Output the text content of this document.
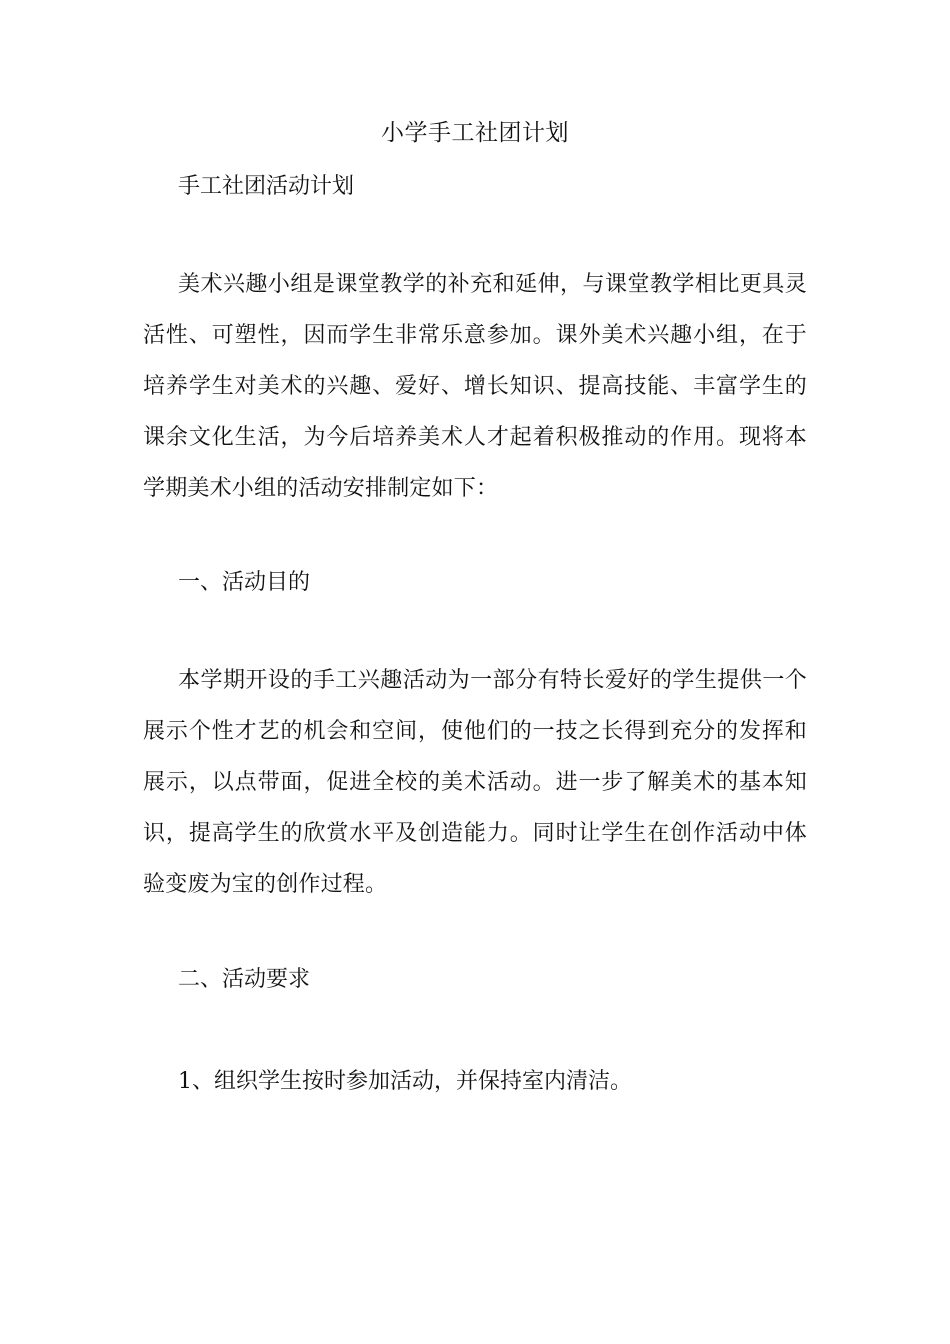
小学手工社团计划
手工社团活动计划
美术兴趣小组是课堂教学的补充和延伸，与课堂教学相比更具灵活性、可塑性，因而学生非常乐意参加。课外美术兴趣小组，在于培养学生对美术的兴趣、爱好、增长知识、提高技能、丰富学生的课余文化生活，为今后培养美术人才起着积极推动的作用。现将本学期美术小组的活动安排制定如下：
一、活动目的
本学期开设的手工兴趣活动为一部分有特长爱好的学生提供一个展示个性才艺的机会和空间，使他们的一技之长得到充分的发挥和展示，以点带面，促进全校的美术活动。进一步了解美术的基本知识，提高学生的欣赏水平及创造能力。同时让学生在创作活动中体验变废为宝的创作过程。
二、活动要求
1、组织学生按时参加活动，并保持室内清洁。
